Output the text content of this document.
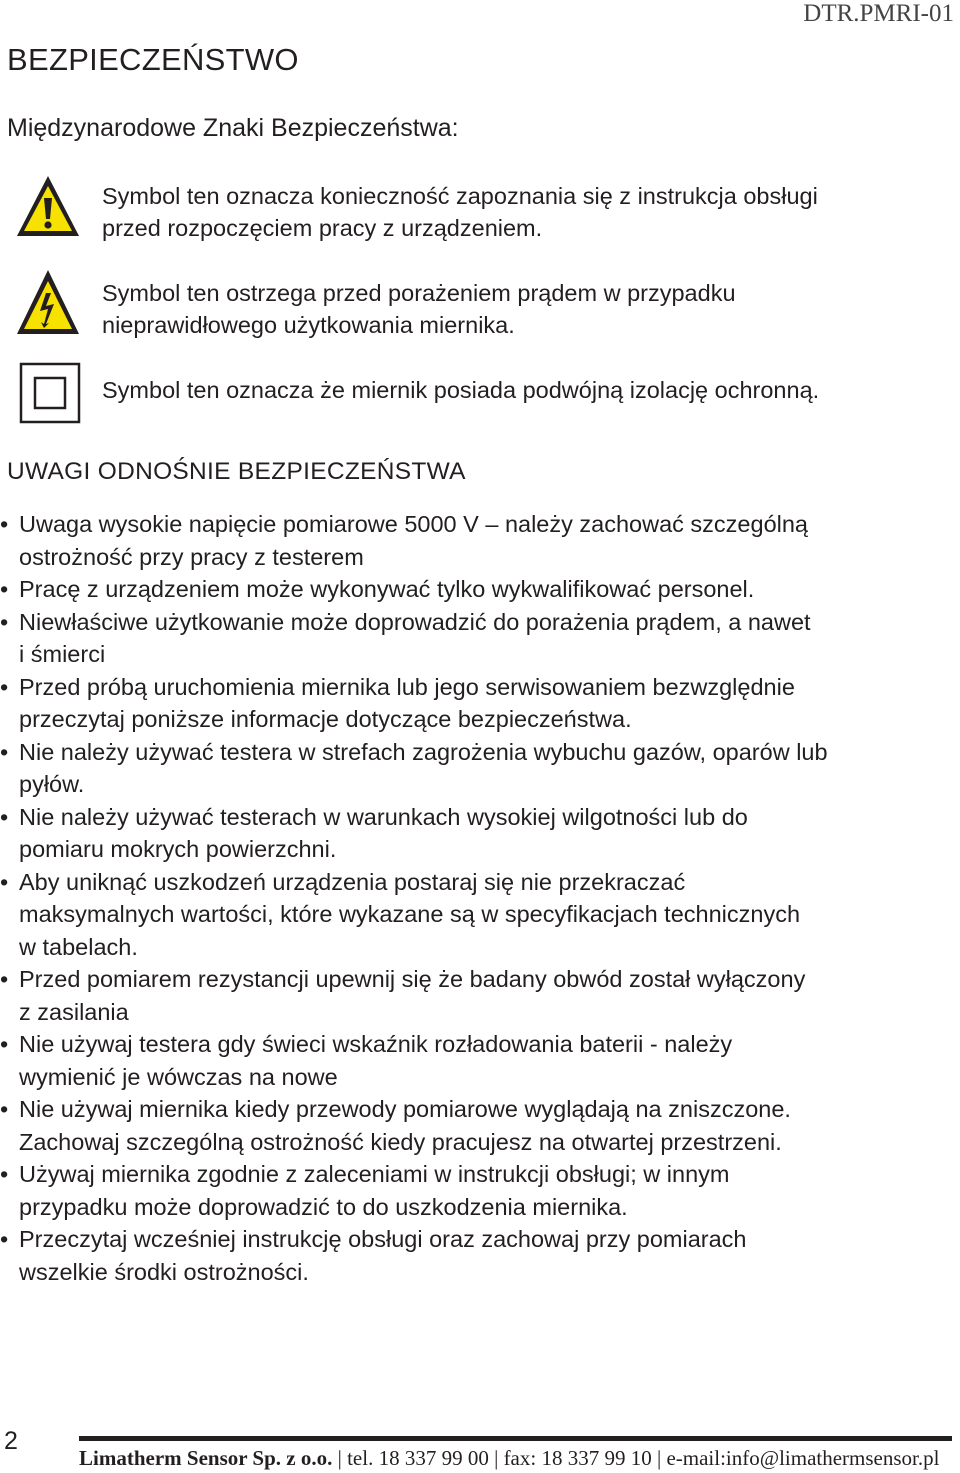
DTR.PMRI-01
BEZPIECZEŃSTWO
Międzynarodowe Znaki Bezpieczeństwa:
Symbol ten oznacza konieczność zapoznania się z instrukcja obsługi
przed rozpoczęciem pracy z urządzeniem.
Symbol ten ostrzega przed porażeniem prądem w przypadku
nieprawidłowego użytkowania miernika.
Symbol ten oznacza że miernik posiada podwójną izolację ochronną.
UWAGI ODNOŚNIE BEZPIECZEŃSTWA
• Uwaga wysokie napięcie pomiarowe 5000 V – należy zachować szczególną
ostrożność przy pracy z testerem
• Pracę z urządzeniem może wykonywać tylko wykwalifikować personel.
• Niewłaściwe użytkowanie może doprowadzić do porażenia prądem, a nawet
i śmierci
• Przed próbą uruchomienia miernika lub jego serwisowaniem bezwzględnie
przeczytaj poniższe informacje dotyczące bezpieczeństwa.
• Nie należy używać testera w strefach zagrożenia wybuchu gazów, oparów lub
pyłów.
• Nie należy używać testerach w warunkach wysokiej wilgotności lub do
pomiaru mokrych powierzchni.
• Aby uniknąć uszkodzeń urządzenia postaraj się nie przekraczać
maksymalnych wartości, które wykazane są w specyfikacjach technicznych
w tabelach.
• Przed pomiarem rezystancji upewnij się że badany obwód został wyłączony
z zasilania
• Nie używaj testera gdy świeci wskaźnik rozładowania baterii - należy
wymienić je wówczas na nowe
• Nie używaj miernika kiedy przewody pomiarowe wyglądają na zniszczone.
Zachowaj szczególną ostrożność kiedy pracujesz na otwartej przestrzeni.
• Używaj miernika zgodnie z zaleceniami w instrukcji obsługi; w innym
przypadku może doprowadzić to do uszkodzenia miernika.
• Przeczytaj wcześniej instrukcję obsługi oraz zachowaj przy pomiarach
wszelkie środki ostrożności.
2
Limatherm Sensor Sp. z o.o. | tel. 18 337 99 00 | fax: 18 337 99 10 | e-mail:info@limathermsensor.pl
